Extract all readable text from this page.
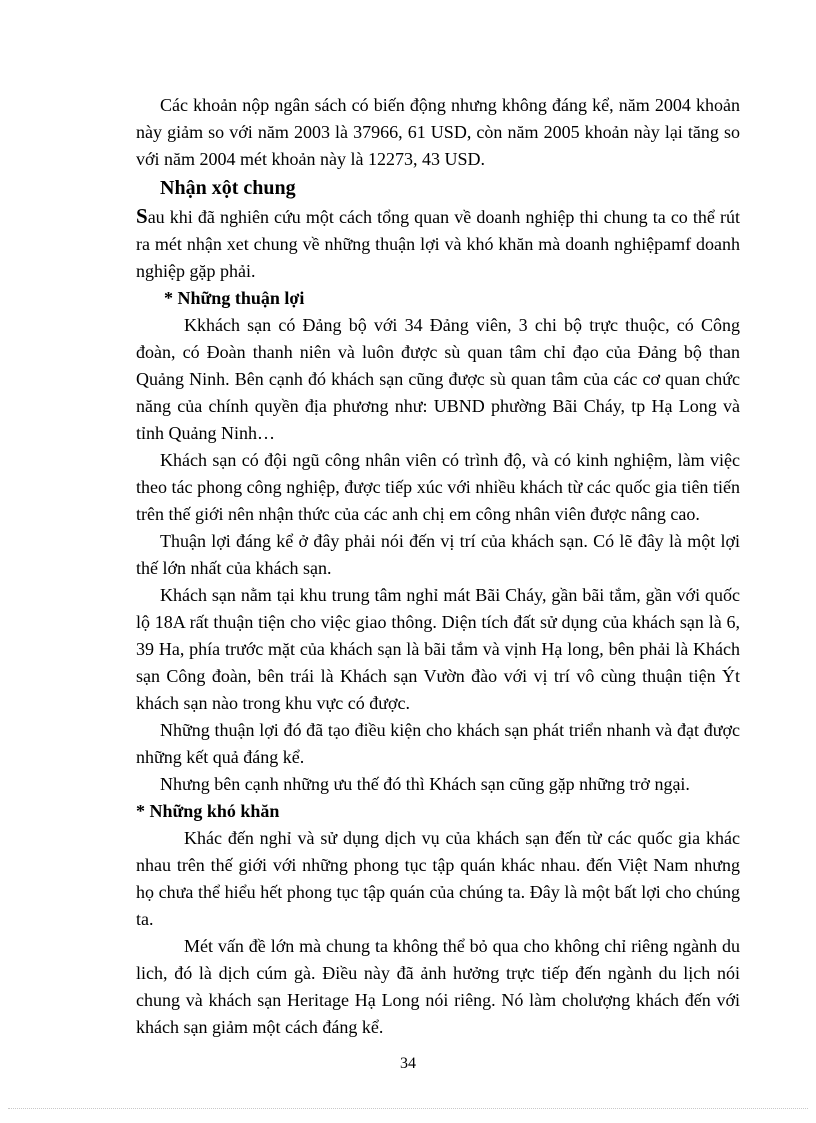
Các khoản nộp ngân sách có biến động nhưng không đáng kể, năm 2004 khoản này giảm so với năm 2003 là 37966, 61 USD, còn năm 2005 khoản này lại tăng so với năm 2004 mét khoản này là 12273, 43 USD.

Nhận xột chung

Sau khi đã nghiên cứu một cách tổng quan về doanh nghiệp thi chung ta co thể rút ra mét nhận xet chung về những thuận lợi và khó khăn mà doanh nghiệpamf doanh nghiệp gặp phải.

* Những thuận lợi

Kkhách sạn có Đảng bộ với 34 Đảng viên, 3 chi bộ trực thuộc, có Công đoàn, có Đoàn thanh niên và luôn được sù quan tâm chỉ đạo của Đảng bộ than Quảng Ninh. Bên cạnh đó khách sạn cũng được sù quan tâm của các cơ quan chức năng của chính quyền địa phương như: UBND phường Bãi Cháy, tp Hạ Long và tỉnh Quảng Ninh…

Khách sạn có đội ngũ công nhân viên có trình độ, và có kinh nghiệm, làm việc theo tác phong công nghiệp, được tiếp xúc với nhiều khách từ các quốc gia tiên tiến trên thế giới nên nhận thức của các anh chị em công nhân viên được nâng cao.

Thuận lợi đáng kể ở đây phải nói đến vị trí của khách sạn. Có lẽ đây là một lợi thế lớn nhất của khách sạn.

Khách sạn nằm tại khu trung tâm nghỉ mát Bãi Cháy, gần bãi tắm, gần với quốc lộ 18A rất thuận tiện cho việc giao thông. Diện tích đất sử dụng của khách sạn là 6, 39 Ha, phía trước mặt của khách sạn là bãi tắm và vịnh Hạ long, bên phải là Khách sạn Công đoàn, bên trái là Khách sạn Vườn đào với vị trí vô cùng thuận tiện Ýt khách sạn nào trong khu vực có được.

Những thuận lợi đó đã tạo điều kiện cho khách sạn phát triển nhanh và đạt được những kết quả đáng kể.

Nhưng bên cạnh những ưu thế đó thì Khách sạn cũng gặp những trở ngại.

* Những khó khăn

Khác đến nghỉ và sử dụng dịch vụ của khách sạn đến từ các quốc gia khác nhau trên thế giới với những phong tục tập quán khác nhau. đến Việt Nam nhưng họ chưa thể hiểu hết phong tục tập quán của chúng ta. Đây là một bất lợi cho chúng ta.

Mét vấn đề lớn mà chung ta không thể bỏ qua cho không chỉ riêng ngành du lich, đó là dịch cúm gà. Điều này đã ảnh hưởng trực tiếp đến ngành du lịch nói chung và khách sạn Heritage Hạ Long nói riêng. Nó làm cholượng khách đến với khách sạn giảm một cách đáng kể.

34
